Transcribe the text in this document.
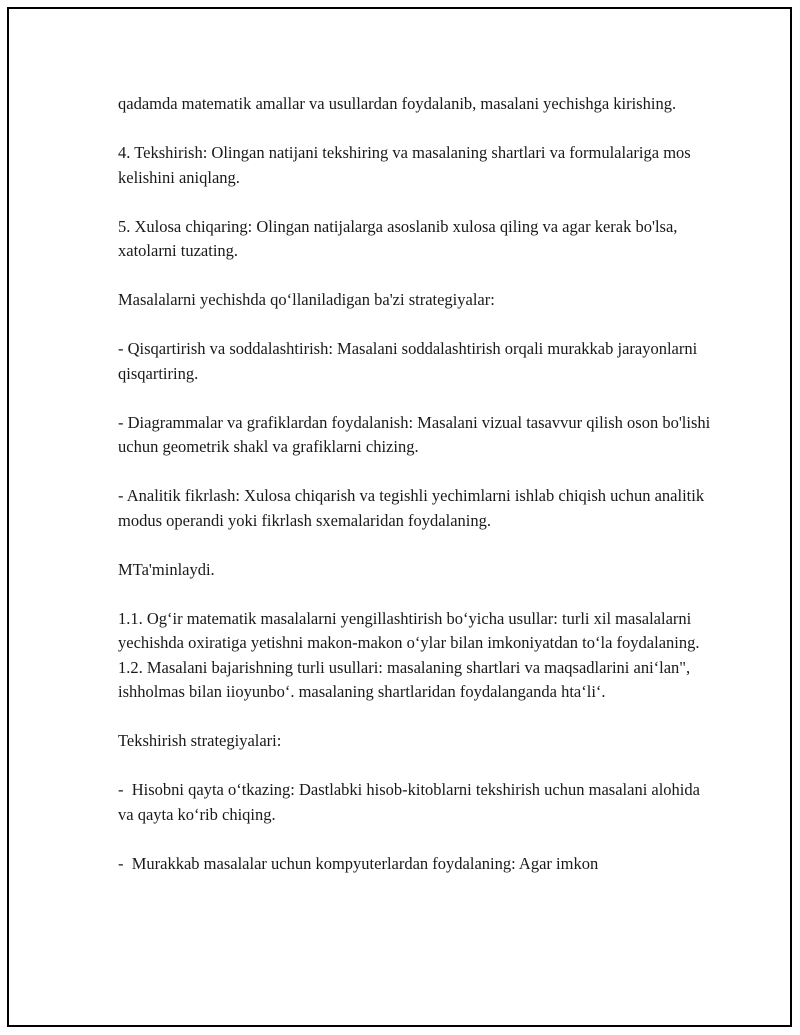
qadamda matematik amallar va usullardan foydalanib, masalani yechishga kirishing.

4. Tekshirish: Olingan natijani tekshiring va masalaning shartlari va formulalariga mos kelishini aniqlang.

5. Xulosa chiqaring: Olingan natijalarga asoslanib xulosa qiling va agar kerak bo'lsa, xatolarni tuzating.

Masalalarni yechishda qo‘llaniladigan ba'zi strategiyalar:

- Qisqartirish va soddalashtirish: Masalani soddalashtirish orqali murakkab jarayonlarni qisqartiring.

- Diagrammalar va grafiklardan foydalanish: Masalani vizual tasavvur qilish oson bo'lishi uchun geometrik shakl va grafiklarni chizing.

- Analitik fikrlash: Xulosa chiqarish va tegishli yechimlarni ishlab chiqish uchun analitik modus operandi yoki fikrlash sxemalaridan foydalaning.

MTa'minlaydi.

1.1. Og‘ir matematik masalalarni yengillashtirish bo‘yicha usullar: turli xil masalalarni yechishda oxiratiga yetishni makon-makon o‘ylar bilan imkoniyatdan to‘la foydalaning.

1.2. Masalani bajarishning turli usullari: masalaning shartlari va maqsadlarini ani‘lan", ishholmas bilan iioyunbo‘. masalaning shartlaridan foydalanganda hta‘li‘.

Tekshirish strategiyalari:

-  Hisobni qayta o‘tkazing: Dastlabki hisob-kitoblarni tekshirish uchun masalani alohida va qayta ko‘rib chiqing.

-  Murakkab masalalar uchun kompyuterlardan foydalaning: Agar imkon
